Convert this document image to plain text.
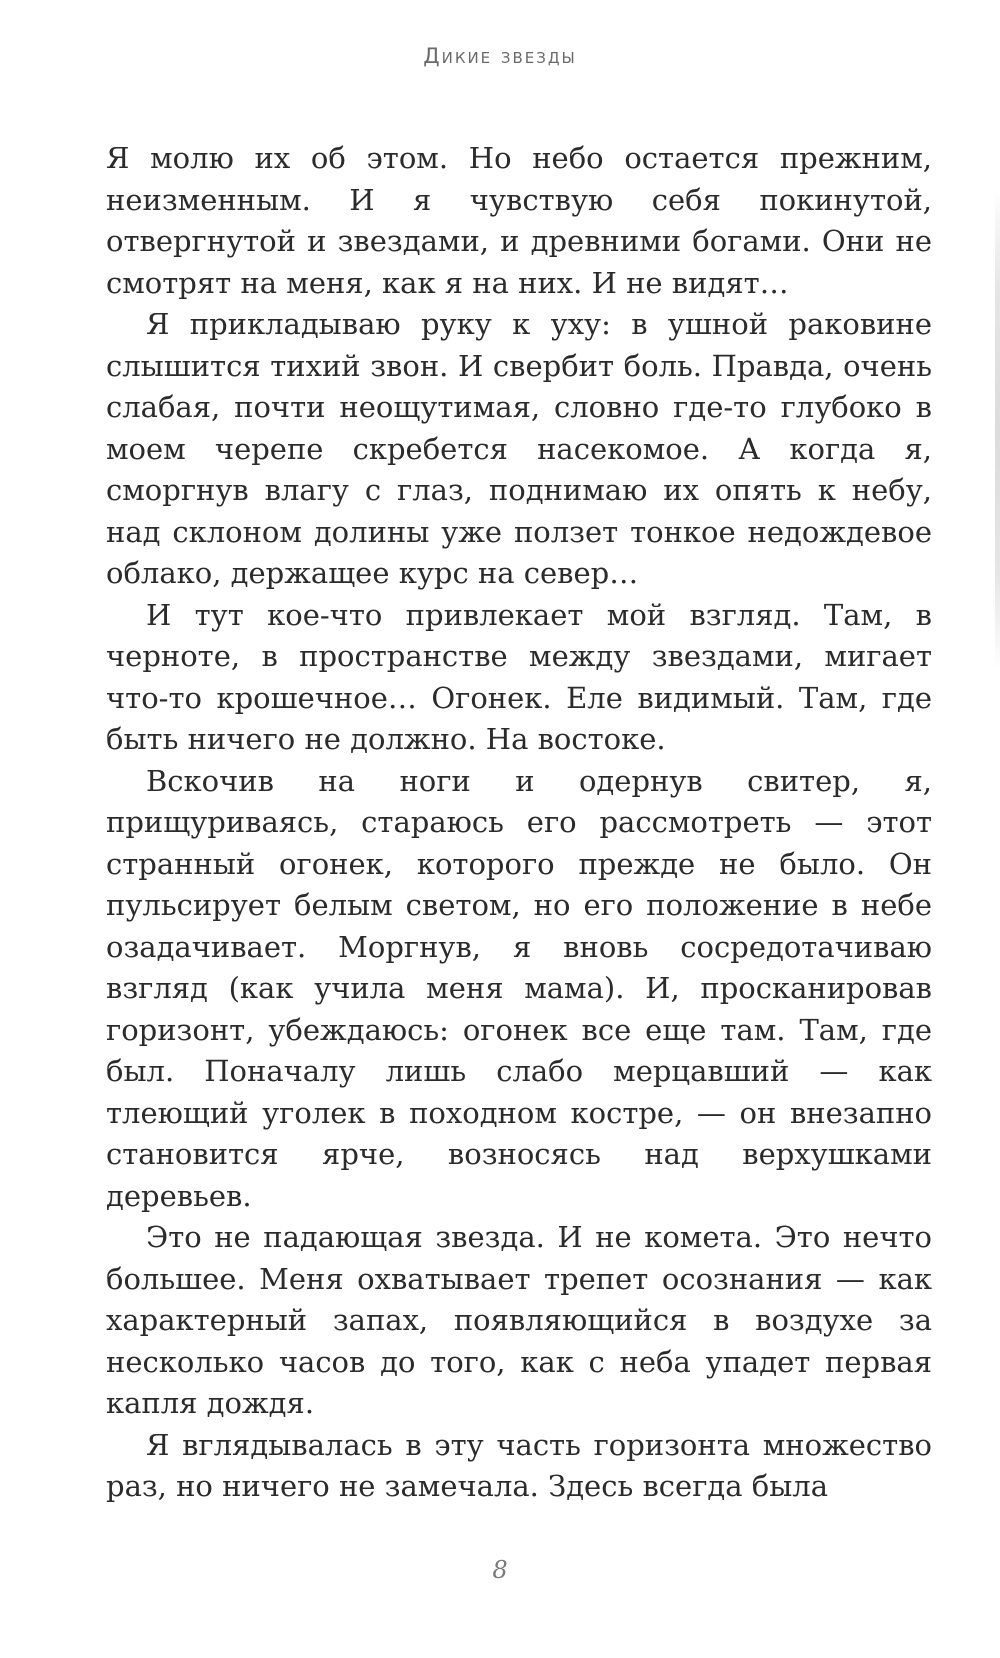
Дикие звезды

Я молю их об этом. Но небо остается прежним, неизменным. И я чувствую себя покинутой, отвергнутой и звездами, и древними богами. Они не смотрят на меня, как я на них. И не видят…

Я прикладываю руку к уху: в ушной раковине слышится тихий звон. И свербит боль. Правда, очень слабая, почти неощутимая, словно где-то глубоко в моем черепе скребется насекомое. А когда я, сморгнув влагу с глаз, поднимаю их опять к небу, над склоном долины уже ползет тонкое недождевое облако, держащее курс на север…

И тут кое-что привлекает мой взгляд. Там, в черноте, в пространстве между звездами, мигает что-то крошечное… Огонек. Еле видимый. Там, где быть ничего не должно. На востоке.

Вскочив на ноги и одернув свитер, я, прищуриваясь, стараюсь его рассмотреть — этот странный огонек, которого прежде не было. Он пульсирует белым светом, но его положение в небе озадачивает. Моргнув, я вновь сосредотачиваю взгляд (как учила меня мама). И, просканировав горизонт, убеждаюсь: огонек все еще там. Там, где был. Поначалу лишь слабо мерцавший — как тлеющий уголек в походном костре, — он внезапно становится ярче, возносясь над верхушками деревьев.

Это не падающая звезда. И не комета. Это нечто большее. Меня охватывает трепет осознания — как характерный запах, появляющийся в воздухе за несколько часов до того, как с неба упадет первая капля дождя.

Я вглядывалась в эту часть горизонта множество раз, но ничего не замечала. Здесь всегда была

8
